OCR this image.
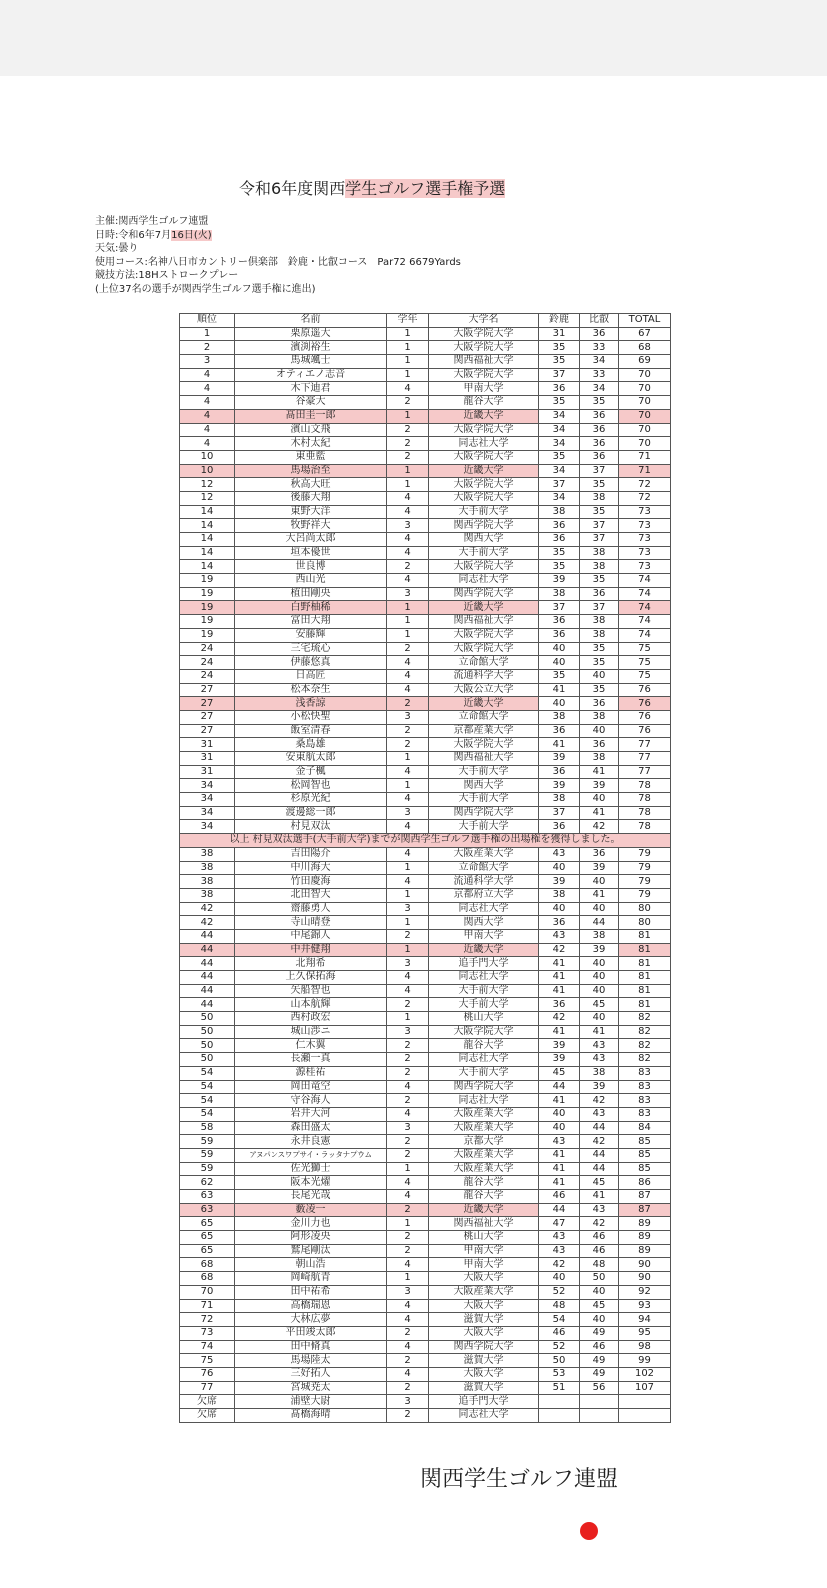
令和6年度関西学生ゴルフ選手権予選
主催:関西学生ゴルフ連盟
日時:令和6年7月16日(火)
天気:曇り
使用コース:名神八日市カントリー倶楽部　鈴鹿・比叡コース　Par72 6679Yards
競技方法:18Hストロークプレー
(上位37名の選手が関西学生ゴルフ選手権に進出)
順位	名前	学年	大学名	鈴鹿	比叡	TOTAL
1	栗原遥大	1	大阪学院大学	31	36	67
2	濱渕裕生	1	大阪学院大学	35	33	68
3	馬城颯士	1	関西福祉大学	35	34	69
4	オティエノ志音	1	大阪学院大学	37	33	70
4	木下迪君	4	甲南大学	36	34	70
4	谷豪大	2	龍谷大学	35	35	70
4	髙田圭一郎	1	近畿大学	34	36	70
4	濱山文飛	2	大阪学院大学	34	36	70
4	木村太紀	2	同志社大学	34	36	70
10	東亜藍	2	大阪学院大学	35	36	71
10	馬場治至	1	近畿大学	34	37	71
12	秋高大旺	1	大阪学院大学	37	35	72
12	後藤大翔	4	大阪学院大学	34	38	72
14	東野大洋	4	大手前大学	38	35	73
14	牧野祥大	3	関西学院大学	36	37	73
14	大呂尚太郎	4	関西大学	36	37	73
14	垣本優世	4	大手前大学	35	38	73
14	世良博	2	大阪学院大学	35	38	73
19	西山光	4	同志社大学	39	35	74
19	植田剛央	3	関西学院大学	38	36	74
19	白野柚稀	1	近畿大学	37	37	74
19	富田大翔	1	関西福祉大学	36	38	74
19	安藤輝	1	大阪学院大学	36	38	74
24	三宅琉心	2	大阪学院大学	40	35	75
24	伊藤悠真	4	立命館大学	40	35	75
24	日高匠	4	流通科学大学	35	40	75
27	松本奈生	4	大阪公立大学	41	35	76
27	浅香諒	2	近畿大学	40	36	76
27	小松快聖	3	立命館大学	38	38	76
27	飯室清春	2	京都産業大学	36	40	76
31	桑島雄	2	大阪学院大学	41	36	77
31	安東航太郎	1	関西福祉大学	39	38	77
31	金子楓	4	大手前大学	36	41	77
34	松岡智也	1	関西大学	39	39	78
34	杉原光紀	4	大手前大学	38	40	78
34	渡邊総一郎	3	関西学院大学	37	41	78
34	村見双汰	4	大手前大学	36	42	78
以上 村見双汰選手(大手前大学)までが関西学生ゴルフ選手権の出場権を獲得しました。						
38	吉田陽介	4	大阪産業大学	43	36	79
38	中川海大	1	立命館大学	40	39	79
38	竹田慶海	4	流通科学大学	39	40	79
38	北田智大	1	京都府立大学	38	41	79
42	齋藤勇人	3	同志社大学	40	40	80
42	寺山晴登	1	関西大学	36	44	80
44	中尾錦人	2	甲南大学	43	38	81
44	中井健翔	1	近畿大学	42	39	81
44	北翔希	3	追手門大学	41	40	81
44	上久保拓海	4	同志社大学	41	40	81
44	矢船智也	4	大手前大学	41	40	81
44	山本航輝	2	大手前大学	36	45	81
50	西村政宏	1	桃山大学	42	40	82
50	城山渉ニ	3	大阪学院大学	41	41	82
50	仁木翼	2	龍谷大学	39	43	82
50	長瀬一真	2	同志社大学	39	43	82
54	源桂祐	2	大手前大学	45	38	83
54	岡田竜空	4	関西学院大学	44	39	83
54	守谷海人	2	同志社大学	41	42	83
54	岩井大河	4	大阪産業大学	40	43	83
58	森田盛太	3	大阪産業大学	40	44	84
59	永井良憲	2	京都大学	43	42	85
59	アヌパンスワプサイ・ラッタナプウム	2	大阪産業大学	41	44	85
59	佐光獅士	1	大阪産業大学	41	44	85
62	阪本光燿	4	龍谷大学	41	45	86
63	長尾光哉	4	龍谷大学	46	41	87
63	藪凌一	2	近畿大学	44	43	87
65	金川力也	1	関西福祉大学	47	42	89
65	阿形凌央	2	桃山大学	43	46	89
65	鷲尾剛汰	2	甲南大学	43	46	89
68	朝山浩	4	甲南大学	42	48	90
68	岡崎航青	1	大阪大学	40	50	90
70	田中祐希	3	大阪産業大学	52	40	92
71	高橋瑞恩	4	大阪大学	48	45	93
72	大林広夢	4	滋賀大学	54	40	94
73	平田竣太郎	2	大阪大学	46	49	95
74	田中脩真	4	関西学院大学	52	46	98
75	馬場陸太	2	滋賀大学	50	49	99
76	三好拓人	4	大阪大学	53	49	102
77	宮城尭太	2	滋賀大学	51	56	107
欠席	浦壁大尉	3	追手門大学			
欠席	髙橋海晴	2	同志社大学			
関西学生ゴルフ連盟
